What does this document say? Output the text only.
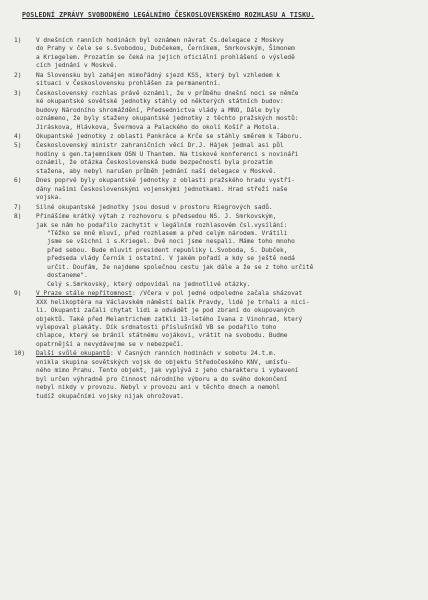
POSLEDNÍ ZPRÁVY SVOBODNÉHO LEGÁLNÍHO ČESKOSLOVENSKÉHO ROZHLASU A TISKU.
1)	V dnešních ranních hodinách byl oznámen návrat čs.delegace z Moskvy
do Prahy v čele se s.Svobodou, Dubčekem, Černíkem, Smrkovským, Šimonem
a Kriegelem. Prozatím se čeká na jejich oficiální prohlášení o výsledě
cích jednání v Moskvě.
2)	Na Slovensku byl zahájen mimořádný sjezd KSS, který byl vzhledem k
situaci v Československu prohlášen za permanentní.
3)	Československý rozhlas právě oznámil, že v průběhu dnešní noci se němče
ké okupantské sovětské jednotky stáhly od některých státních budov:
budovy Národního shromáždění, Předsednictva vlády a MNO, Dále byly
oznámeno, že byly staženy okupantské jednotky z těchto pražských mostů:
Jiráskova, Hlávkova, Švermova a Palackého do okolí Košíř a Motola.
4)	Okupantské jednotky z oblasti Pankráce a Krče se stáhly směrem k Táboru.
5)	Československý ministr zahraničních věcí Dr.J. Hájek jednal asi půl
hodiny s gen.tajemníkem OSN U Thantem. Na tiskové konferenci s novináři
oznámil, že otázka Československá bude bezpečností byla prozatím
stažena, aby nebyl narušen průběh jednání naší delegace v Moskvě.
6)	Dnes poprvé byly okupantské jednotky z oblasti pražského hradu vystří-
dány našimi Československými vojenskými jednotkami. Hrad střeží naše
vojska.
7)	Silné okupantské jednotky jsou dosud v prostoru Riegrových sadů.
8)	Přinášíme krátký výtah z rozhovoru s předsedou NS. J. Smrkovským,
jak se nám ho podařilo zachytit v legálním rozhlasovém čsl.vysílání:
"Těžko se mně mluví, před rozhlasem a před celým národem. Vrátili
jsme se všichni i s.Kriegel. Dvě noci jsme nespali. Máme toho mnoho
před sebou. Bude mluvit president republiky L.Svoboda, S. Dubček,
předseda vlády Černík i ostatní. V jakém pořadí a kdy se ještě nedá
určit. Doufám, že najdeme společnou cestu jak dále a že se z toho určitě
dostaneme".
Celý s.Smrkovský, který odpovídal na jednotlivé otázky.
9)	V Praze stále nepřítomnost: /Včera v pol jedné odpoledne začala sházovat
XXX helikoptéra na Václavském náměstí balík Pravdy, lidé je trhali a nici-
li. Okupanti začali chytat lidi a odvádět je pod zbraní do okupovaných
objektů. Také před Melantrichem zatkli 13-letého Ivana z Vinohrad, který
vylepoval plakáty. Dík srdnatosti příslušníků VB se podařilo toho
chlapce, který se bránil státnému vojákovi, vrátit na svobodu. Budme
opatrnější a nevydávejme se v nebezpečí.
10)	Další svůlé okupantů: V časných ranních hodinách v sobotu 24.t.m.
vnikla skupina sovětských vojsk do objektu Středočeského KNV, umísťu-
ného mimo Prahu. Tento objekt, jak vyplývá z jeho charakteru i vybavení
byl určen výhradně pro činnost národního výboru a do svého dokončení
nebyl nikdy v provozu. Nebyl v provozu ani v těchto dnech a nemohl
tudíž okupačními vojsky nijak ohrožovat.
